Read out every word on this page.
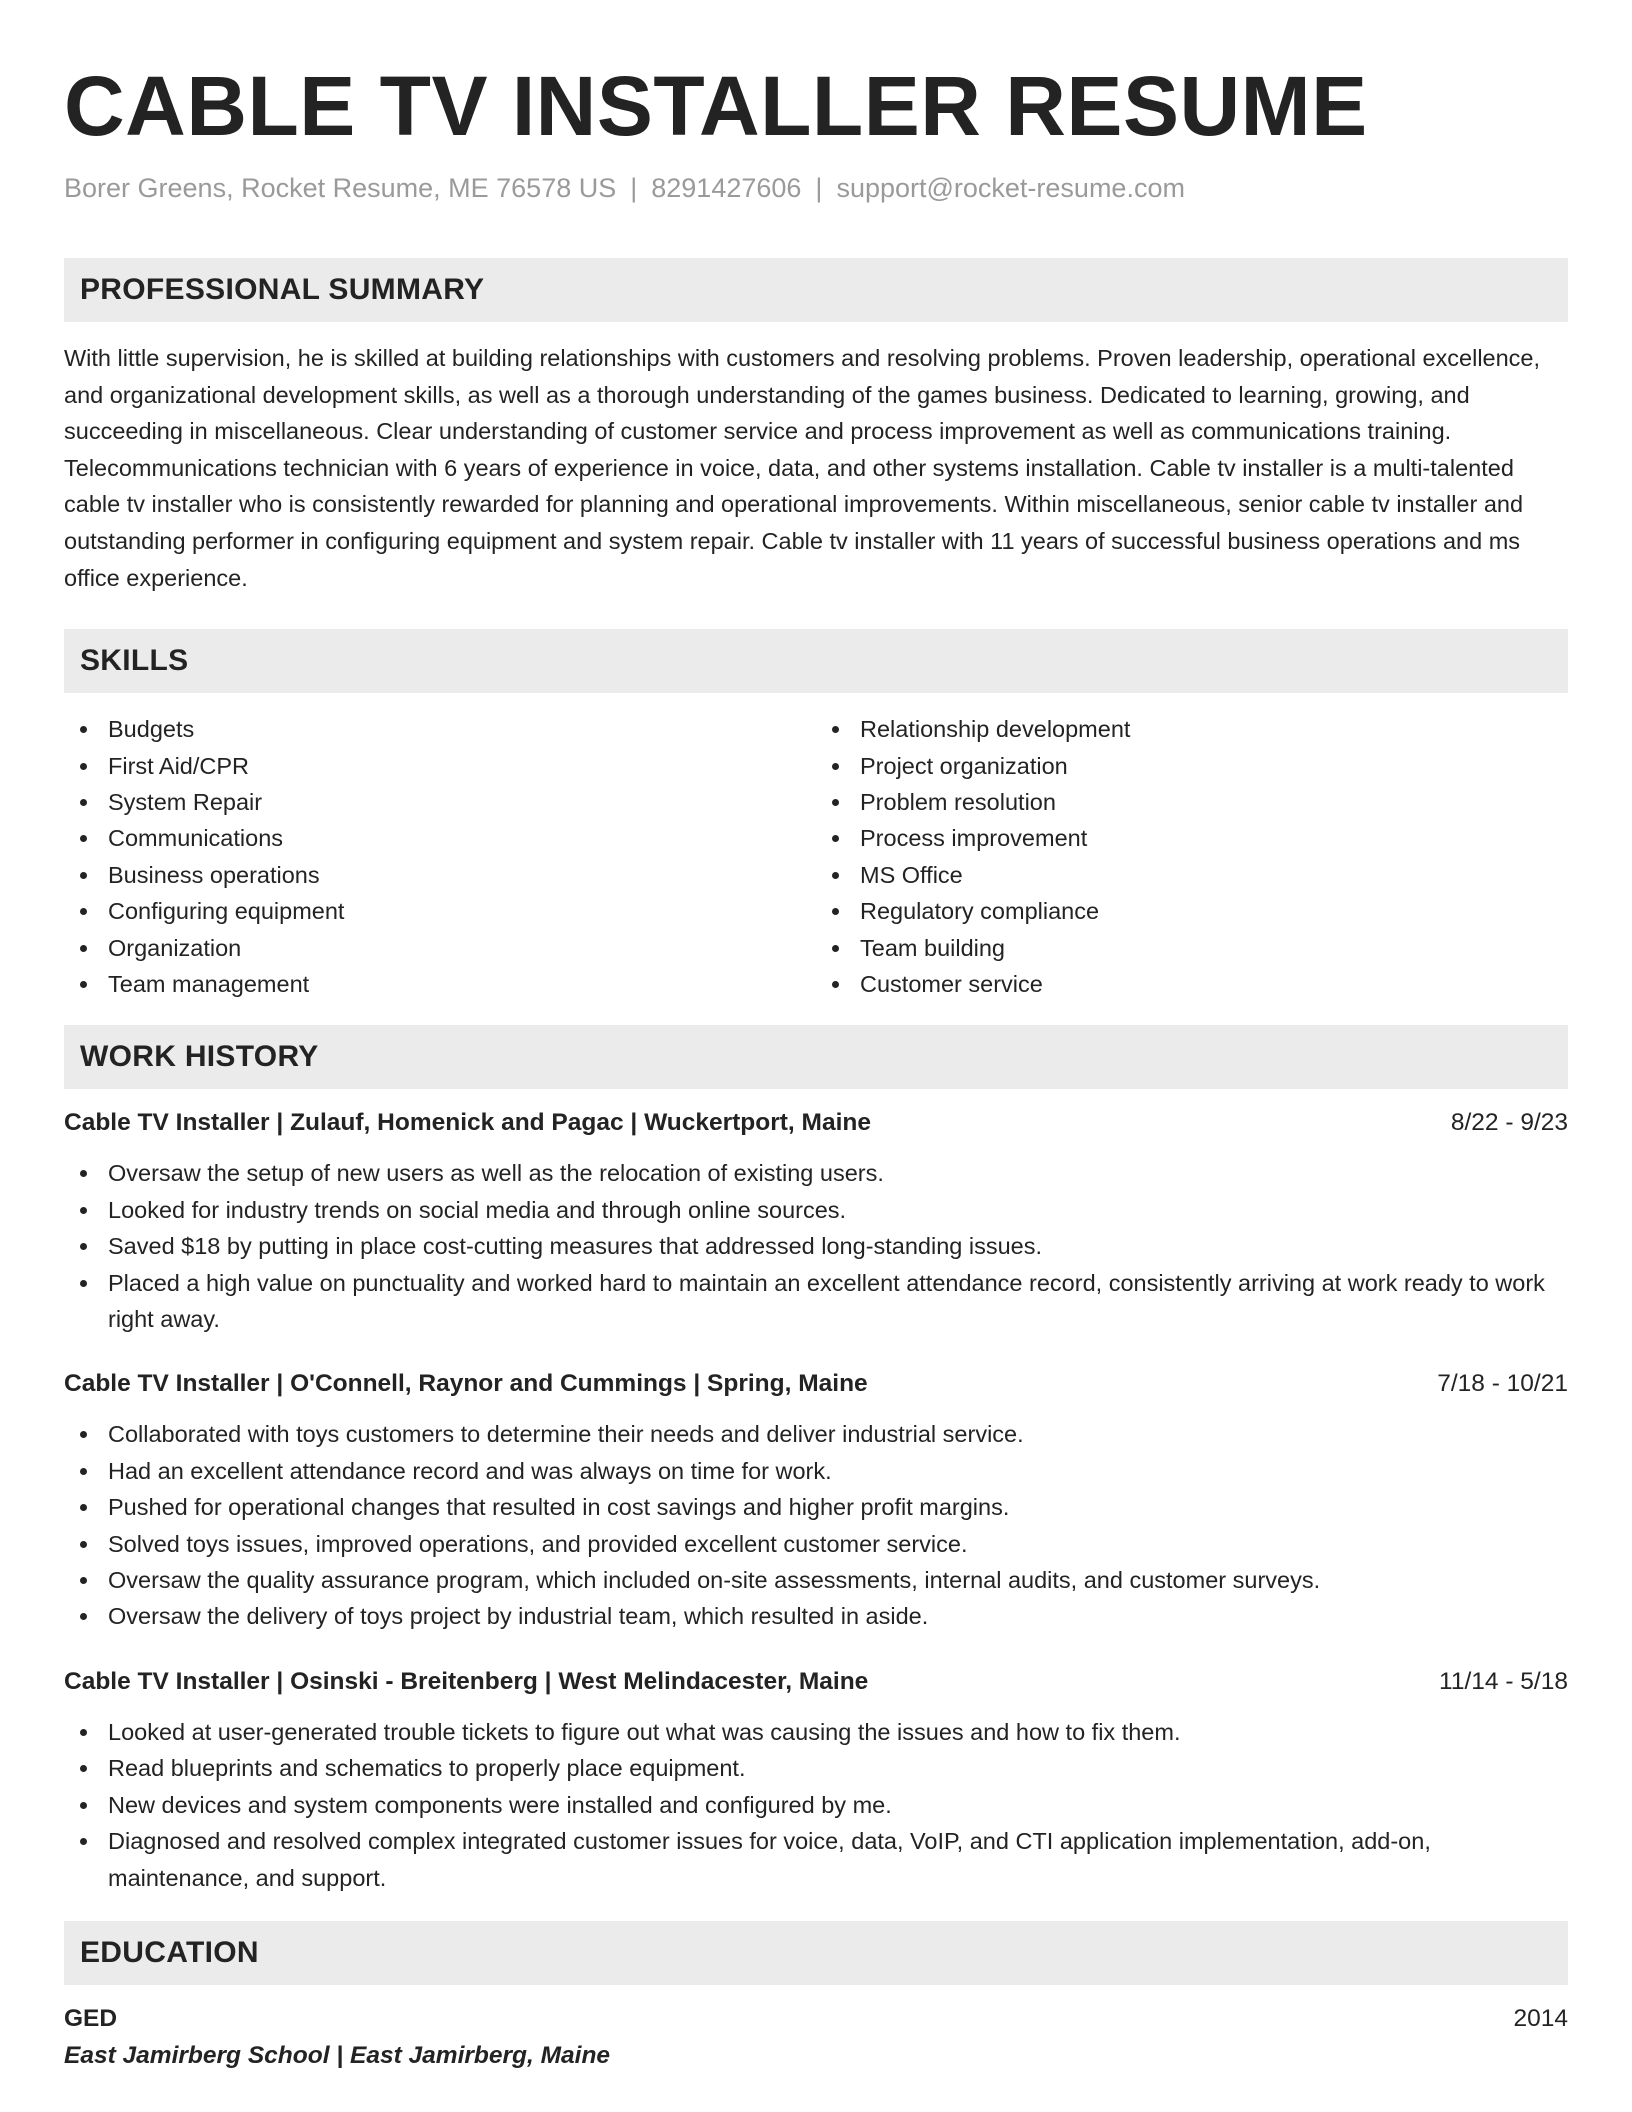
CABLE TV INSTALLER RESUME
Borer Greens, Rocket Resume, ME 76578 US | 8291427606 | support@rocket-resume.com
PROFESSIONAL SUMMARY

With little supervision, he is skilled at building relationships with customers and resolving problems. Proven leadership, operational excellence, and organizational development skills, as well as a thorough understanding of the games business. Dedicated to learning, growing, and succeeding in miscellaneous. Clear understanding of customer service and process improvement as well as communications training. Telecommunications technician with 6 years of experience in voice, data, and other systems installation. Cable tv installer is a multi-talented cable tv installer who is consistently rewarded for planning and operational improvements. Within miscellaneous, senior cable tv installer and outstanding performer in configuring equipment and system repair. Cable tv installer with 11 years of successful business operations and ms office experience.

SKILLS
Budgets
First Aid/CPR
System Repair
Communications
Business operations
Configuring equipment
Organization
Team management
Relationship development
Project organization
Problem resolution
Process improvement
MS Office
Regulatory compliance
Team building
Customer service
WORK HISTORY
Cable TV Installer | Zulauf, Homenick and Pagac | Wuckertport, Maine	8/22 - 9/23
Oversaw the setup of new users as well as the relocation of existing users.
Looked for industry trends on social media and through online sources.
Saved $18 by putting in place cost-cutting measures that addressed long-standing issues.
Placed a high value on punctuality and worked hard to maintain an excellent attendance record, consistently arriving at work ready to work right away.
Cable TV Installer | O'Connell, Raynor and Cummings | Spring, Maine	7/18 - 10/21
Collaborated with toys customers to determine their needs and deliver industrial service.
Had an excellent attendance record and was always on time for work.
Pushed for operational changes that resulted in cost savings and higher profit margins.
Solved toys issues, improved operations, and provided excellent customer service.
Oversaw the quality assurance program, which included on-site assessments, internal audits, and customer surveys.
Oversaw the delivery of toys project by industrial team, which resulted in aside.
Cable TV Installer | Osinski - Breitenberg | West Melindacester, Maine	11/14 - 5/18
Looked at user-generated trouble tickets to figure out what was causing the issues and how to fix them.
Read blueprints and schematics to properly place equipment.
New devices and system components were installed and configured by me.
Diagnosed and resolved complex integrated customer issues for voice, data, VoIP, and CTI application implementation, add-on, maintenance, and support.
EDUCATION
GED	2014
East Jamirberg School | East Jamirberg, Maine
